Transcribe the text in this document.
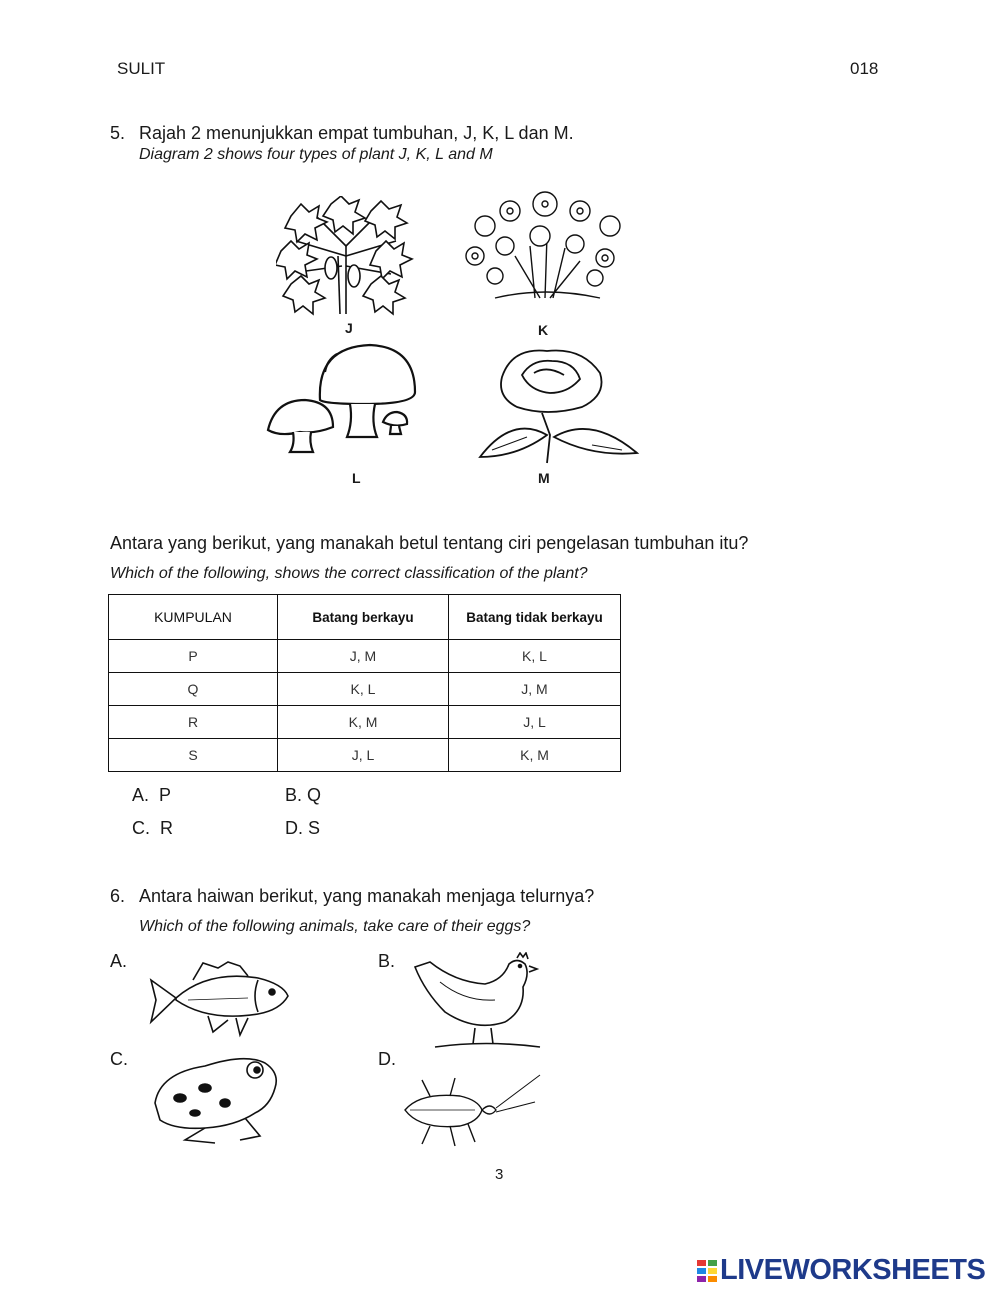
SULIT	018
5. Rajah 2 menunjukkan empat tumbuhan, J, K, L dan M.
Diagram 2 shows four types of plant J, K, L and M
J	K
L	M
Antara yang berikut, yang manakah betul tentang ciri pengelasan tumbuhan itu?
Which of the following, shows the correct classification of the plant?
KUMPULAN	Batang berkayu	Batang tidak berkayu
P	J, M	K, L
Q	K, L	J, M
R	K, M	J, L
S	J, L	K, M
A.  P	B. Q
C.  R	D. S
6. Antara haiwan berikut, yang manakah menjaga telurnya?
Which of the following animals, take care of their eggs?
A.	B.
C.	D.
3
LIVEWORKSHEETS
